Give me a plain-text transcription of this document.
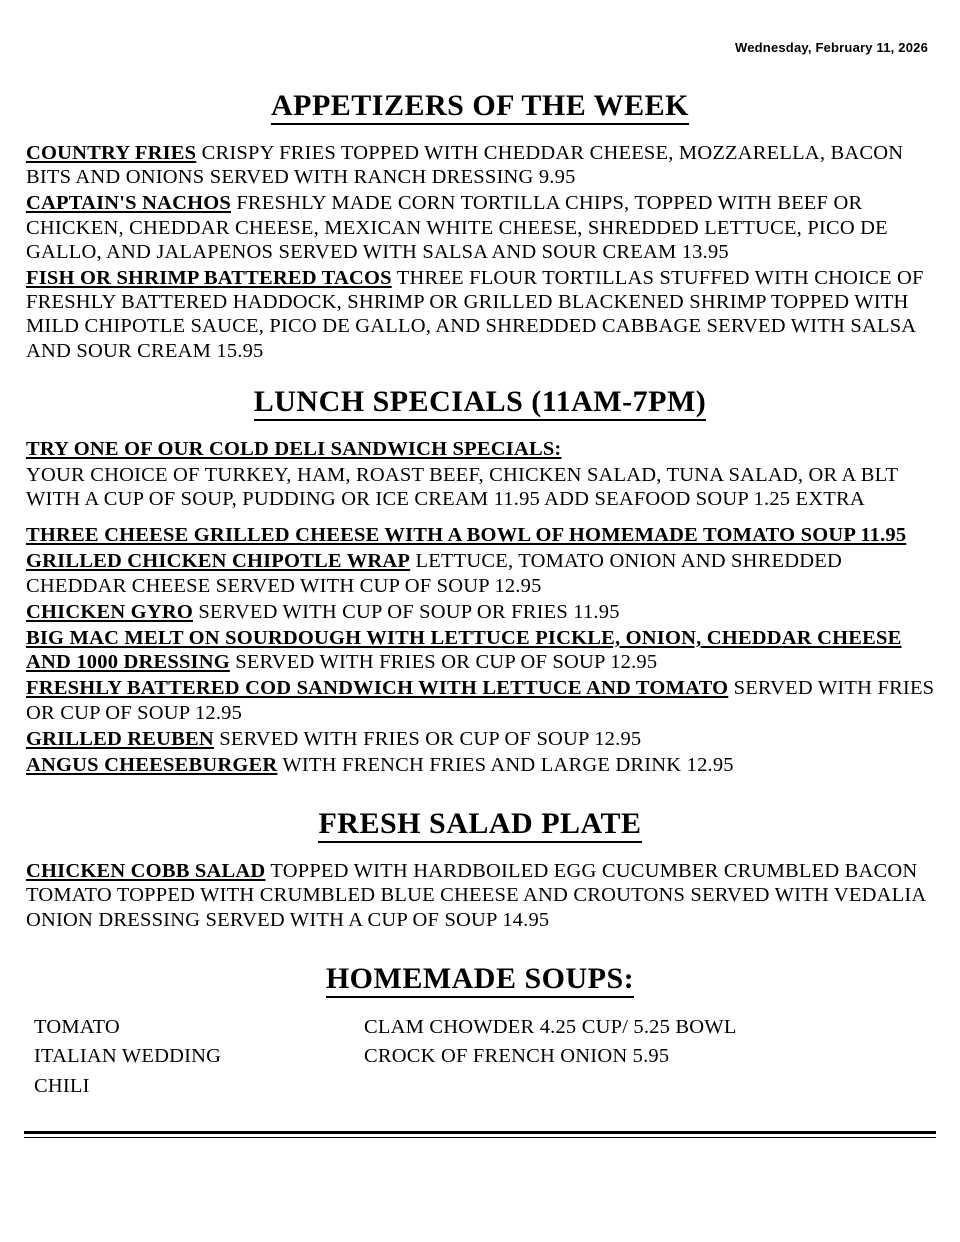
Wednesday, February 11, 2026
APPETIZERS OF THE WEEK

COUNTRY FRIES CRISPY FRIES TOPPED WITH CHEDDAR CHEESE, MOZZARELLA, BACON BITS AND ONIONS SERVED WITH RANCH DRESSING 9.95

CAPTAIN'S NACHOS FRESHLY MADE CORN TORTILLA CHIPS, TOPPED WITH BEEF OR CHICKEN, CHEDDAR CHEESE, MEXICAN WHITE CHEESE, SHREDDED LETTUCE, PICO DE GALLO, AND JALAPENOS SERVED WITH SALSA AND SOUR CREAM 13.95

FISH OR SHRIMP BATTERED TACOS THREE FLOUR TORTILLAS STUFFED WITH CHOICE OF FRESHLY BATTERED HADDOCK, SHRIMP OR GRILLED BLACKENED SHRIMP TOPPED WITH MILD CHIPOTLE SAUCE, PICO DE GALLO, AND SHREDDED CABBAGE SERVED WITH SALSA AND SOUR CREAM 15.95

LUNCH SPECIALS (11AM-7PM)

TRY ONE OF OUR COLD DELI SANDWICH SPECIALS:

YOUR CHOICE OF TURKEY, HAM, ROAST BEEF, CHICKEN SALAD, TUNA SALAD, OR A BLT WITH A CUP OF SOUP, PUDDING OR ICE CREAM 11.95 ADD SEAFOOD SOUP 1.25 EXTRA

THREE CHEESE GRILLED CHEESE WITH A BOWL OF HOMEMADE TOMATO SOUP 11.95

GRILLED CHICKEN CHIPOTLE WRAP LETTUCE, TOMATO ONION AND SHREDDED CHEDDAR CHEESE SERVED WITH CUP OF SOUP 12.95

CHICKEN GYRO SERVED WITH CUP OF SOUP OR FRIES 11.95

BIG MAC MELT ON SOURDOUGH WITH LETTUCE PICKLE, ONION, CHEDDAR CHEESE AND 1000 DRESSING SERVED WITH FRIES OR CUP OF SOUP 12.95

FRESHLY BATTERED COD SANDWICH WITH LETTUCE AND TOMATO SERVED WITH FRIES OR CUP OF SOUP 12.95

GRILLED REUBEN SERVED WITH FRIES OR CUP OF SOUP 12.95

ANGUS CHEESEBURGER WITH FRENCH FRIES AND LARGE DRINK 12.95

FRESH SALAD PLATE

CHICKEN COBB SALAD TOPPED WITH HARDBOILED EGG CUCUMBER CRUMBLED BACON TOMATO TOPPED WITH CRUMBLED BLUE CHEESE AND CROUTONS SERVED WITH VEDALIA ONION DRESSING SERVED WITH A CUP OF SOUP 14.95

HOMEMADE SOUPS:

TOMATO

ITALIAN WEDDING

CHILI

CLAM CHOWDER 4.25 CUP/ 5.25 BOWL

CROCK OF FRENCH ONION 5.95
